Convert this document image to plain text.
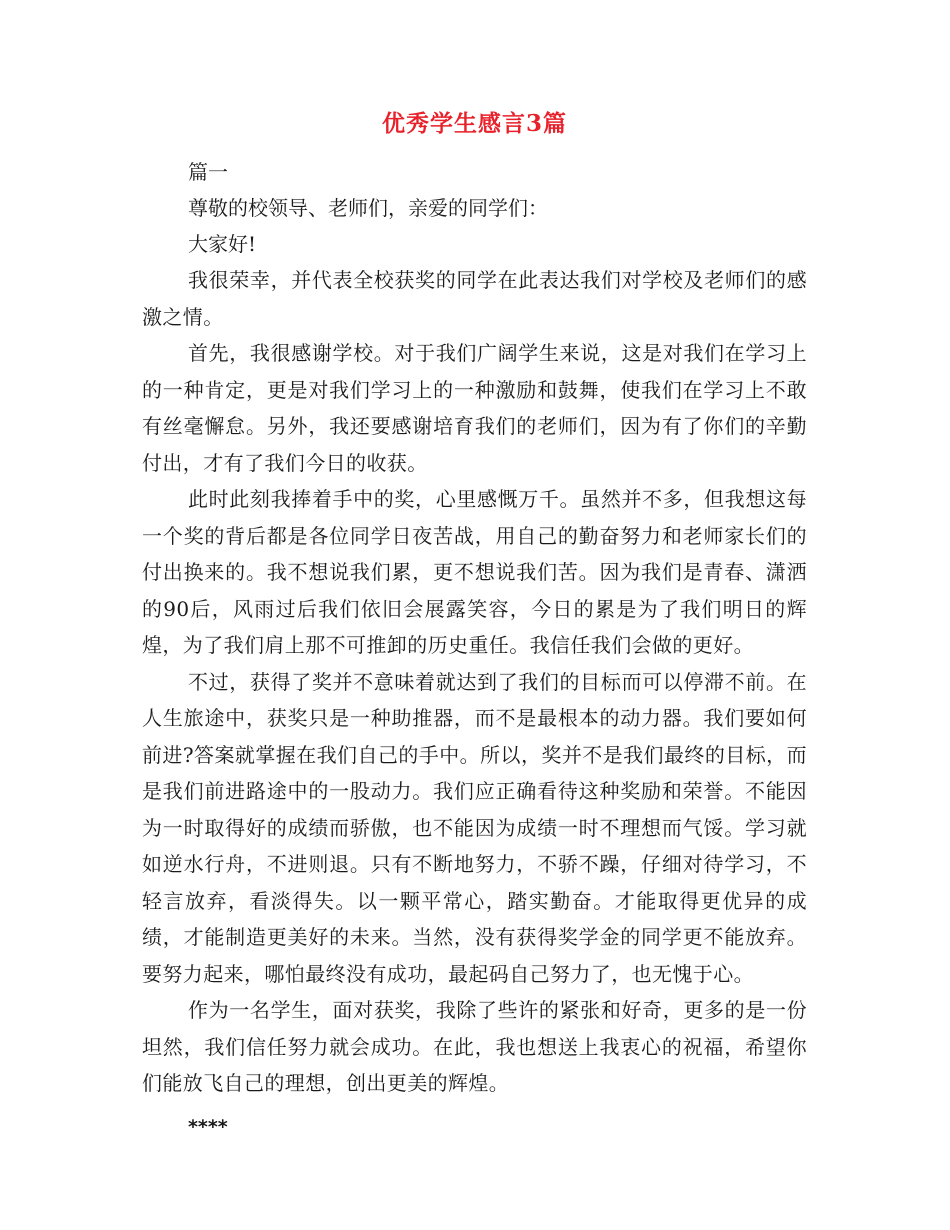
优秀学生感言3篇

篇一

尊敬的校领导、老师们，亲爱的同学们：

大家好!

我很荣幸，并代表全校获奖的同学在此表达我们对学校及老师们的感激之情。

首先，我很感谢学校。对于我们广阔学生来说，这是对我们在学习上的一种肯定，更是对我们学习上的一种激励和鼓舞，使我们在学习上不敢有丝毫懈怠。另外，我还要感谢培育我们的老师们，因为有了你们的辛勤付出，才有了我们今日的收获。

此时此刻我捧着手中的奖，心里感慨万千。虽然并不多，但我想这每一个奖的背后都是各位同学日夜苦战，用自己的勤奋努力和老师家长们的付出换来的。我不想说我们累，更不想说我们苦。因为我们是青春、潇洒的90后，风雨过后我们依旧会展露笑容，今日的累是为了我们明日的辉煌，为了我们肩上那不可推卸的历史重任。我信任我们会做的更好。

不过，获得了奖并不意味着就达到了我们的目标而可以停滞不前。在人生旅途中，获奖只是一种助推器，而不是最根本的动力器。我们要如何前进?答案就掌握在我们自己的手中。所以，奖并不是我们最终的目标，而是我们前进路途中的一股动力。我们应正确看待这种奖励和荣誉。不能因为一时取得好的成绩而骄傲，也不能因为成绩一时不理想而气馁。学习就如逆水行舟，不进则退。只有不断地努力，不骄不躁，仔细对待学习，不轻言放弃，看淡得失。以一颗平常心，踏实勤奋。才能取得更优异的成绩，才能制造更美好的未来。当然，没有获得奖学金的同学更不能放弃。要努力起来，哪怕最终没有成功，最起码自己努力了，也无愧于心。

作为一名学生，面对获奖，我除了些许的紧张和好奇，更多的是一份坦然，我们信任努力就会成功。在此，我也想送上我衷心的祝福，希望你们能放飞自己的理想，创出更美的辉煌。

****
